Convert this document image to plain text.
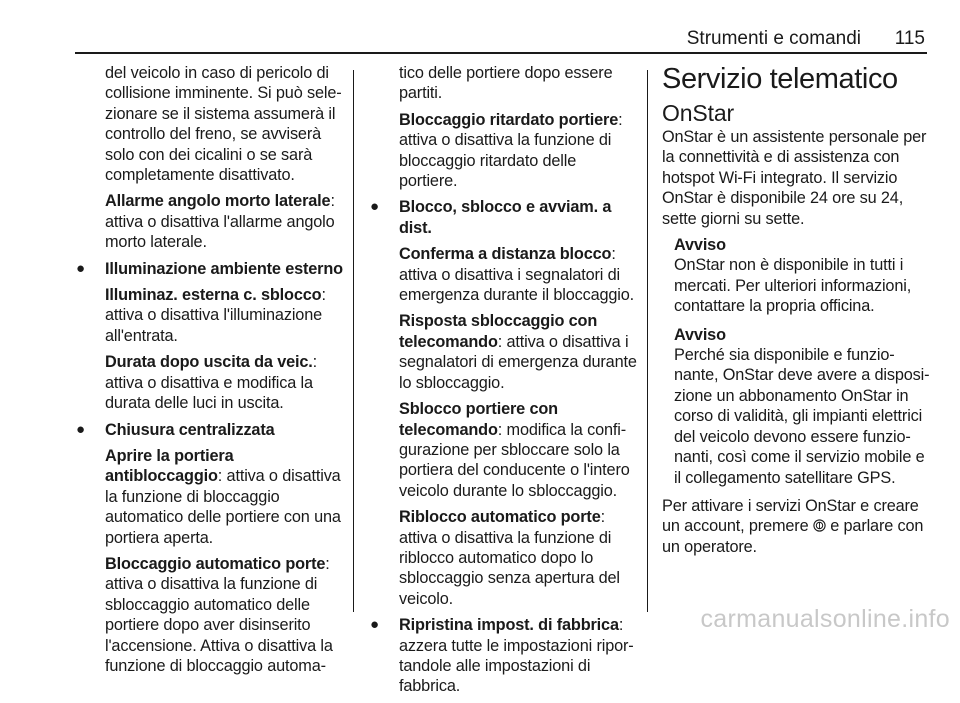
Strumenti e comandi 115

del veicolo in caso di pericolo di collisione imminente. Si può sele-zionare se il sistema assumerà il controllo del freno, se avviserà solo con dei cicalini o se sarà completamente disattivato.

Allarme angolo morto laterale: attiva o disattiva l'allarme angolo morto laterale.

● Illuminazione ambiente esterno

Illuminaz. esterna c. sblocco: attiva o disattiva l'illuminazione all'entrata.

Durata dopo uscita da veic.: attiva o disattiva e modifica la durata delle luci in uscita.

● Chiusura centralizzata

Aprire la portiera antibloccaggio: attiva o disattiva la funzione di bloccaggio automatico delle portiere con una portiera aperta.

Bloccaggio automatico porte: attiva o disattiva la funzione di sbloccaggio automatico delle portiere dopo aver disinserito l'accensione. Attiva o disattiva la funzione di bloccaggio automa-

tico delle portiere dopo essere partiti.

Bloccaggio ritardato portiere: attiva o disattiva la funzione di bloccaggio ritardato delle portiere.

● Blocco, sblocco e avviam. a dist.

Conferma a distanza blocco: attiva o disattiva i segnalatori di emergenza durante il bloccaggio.

Risposta sbloccaggio con telecomando: attiva o disattiva i segnalatori di emergenza durante lo sbloccaggio.

Sblocco portiere con telecomando: modifica la confi-gurazione per sbloccare solo la portiera del conducente o l'intero veicolo durante lo sbloccaggio.

Riblocco automatico porte: attiva o disattiva la funzione di riblocco automatico dopo lo sbloccaggio senza apertura del veicolo.

● Ripristina impost. di fabbrica: azzera tutte le impostazioni ripor-tandole alle impostazioni di fabbrica.

Servizio telematico
OnStar

OnStar è un assistente personale per la connettività e di assistenza con hotspot Wi-Fi integrato. Il servizio OnStar è disponibile 24 ore su 24, sette giorni su sette.

Avviso
OnStar non è disponibile in tutti i mercati. Per ulteriori informazioni, contattare la propria officina.
Avviso
Perché sia disponibile e funzio-nante, OnStar deve avere a disposi-zione un abbonamento OnStar in corso di validità, gli impianti elettrici del veicolo devono essere funzio-nanti, così come il servizio mobile e il collegamento satellitare GPS.

Per attivare i servizi OnStar e creare un account, premere e parlare con un operatore.

carmanualsonline.info
